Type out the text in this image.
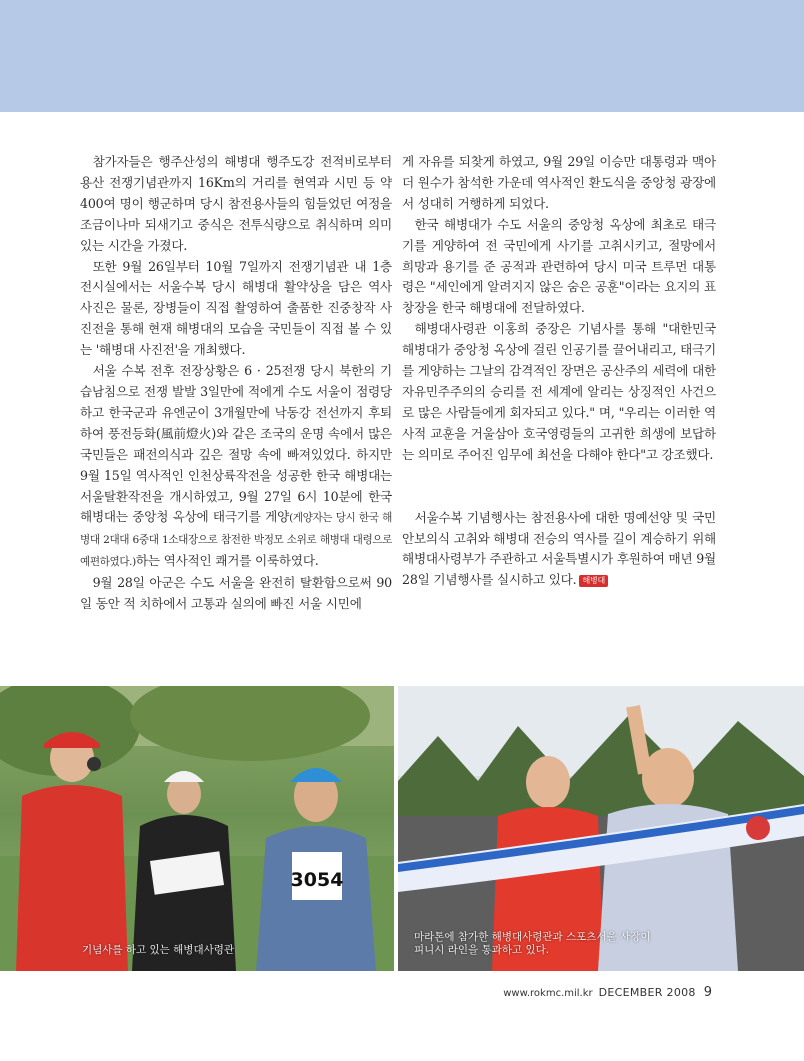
참가자들은 행주산성의 해병대 행주도강 전적비로부터 용산 전쟁기념관까지 16Km의 거리를 현역과 시민 등 약 400여 명이 행군하며 당시 참전용사들의 힘들었던 여정을 조금이나마 되새기고 중식은 전투식량으로 취식하며 의미있는 시간을 가졌다.

또한 9월 26일부터 10월 7일까지 전쟁기념관 내 1층 전시실에서는 서울수복 당시 해병대 활약상을 담은 역사 사진은 물론, 장병들이 직접 촬영하여 출품한 진중창작 사진전을 통해 현재 해병대의 모습을 국민들이 직접 볼 수 있는 '해병대 사진전'을 개최했다.

서울 수복 전후 전장상황은 6 · 25전쟁 당시 북한의 기습남침으로 전쟁 발발 3일만에 적에게 수도 서울이 점령당하고 한국군과 유엔군이 3개월만에 낙동강 전선까지 후퇴하여 풍전등화(風前燈火)와 같은 조국의 운명 속에서 많은 국민들은 패전의식과 깊은 절망 속에 빠져있었다. 하지만 9월 15일 역사적인 인천상륙작전을 성공한 한국 해병대는 서울탈환작전을 개시하였고, 9월 27일 6시 10분에 한국 해병대는 중앙청 옥상에 태극기를 게양(게양자는 당시 한국 해병대 2대대 6중대 1소대장으로 참전한 박정모 소위로 해병대 대령으로 예편하였다.)하는 역사적인 쾌거를 이룩하였다.

9월 28일 아군은 수도 서울을 완전히 탈환함으로써 90일 동안 적 치하에서 고통과 실의에 빠진 서울 시민에

게 자유를 되찾게 하였고, 9월 29일 이승만 대통령과 맥아더 원수가 참석한 가운데 역사적인 환도식을 중앙청 광장에서 성대히 거행하게 되었다.

한국 해병대가 수도 서울의 중앙청 옥상에 최초로 태극기를 게양하여 전 국민에게 사기를 고취시키고, 절망에서 희망과 용기를 준 공적과 관련하여 당시 미국 트루먼 대통령은 "세인에게 알려지지 않은 숨은 공훈"이라는 요지의 표창장을 한국 해병대에 전달하였다.

해병대사령관 이홍희 중장은 기념사를 통해 "대한민국 해병대가 중앙청 옥상에 걸린 인공기를 끌어내리고, 태극기를 게양하는 그날의 감격적인 장면은 공산주의 세력에 대한 자유민주주의의 승리를 전 세계에 알리는 상징적인 사건으로 많은 사람들에게 회자되고 있다." 며, "우리는 이러한 역사적 교훈을 거울삼아 호국영령들의 고귀한 희생에 보답하는 의미로 주어진 임무에 최선을 다해야 한다"고 강조했다.

서울수복 기념행사는 참전용사에 대한 명예선양 및 국민안보의식 고취와 해병대 전승의 역사를 길이 계승하기 위해 해병대사령부가 주관하고 서울특별시가 후원하여 매년 9월 28일 기념행사를 실시하고 있다. 해병대

3054
기념사를 하고 있는 해병대사령관
마라톤에 참가한 해병대사령관과 스포츠서울 사장이
피니시 라인을 통과하고 있다.
www.rokmc.mil.kr DECEMBER 2008 9
